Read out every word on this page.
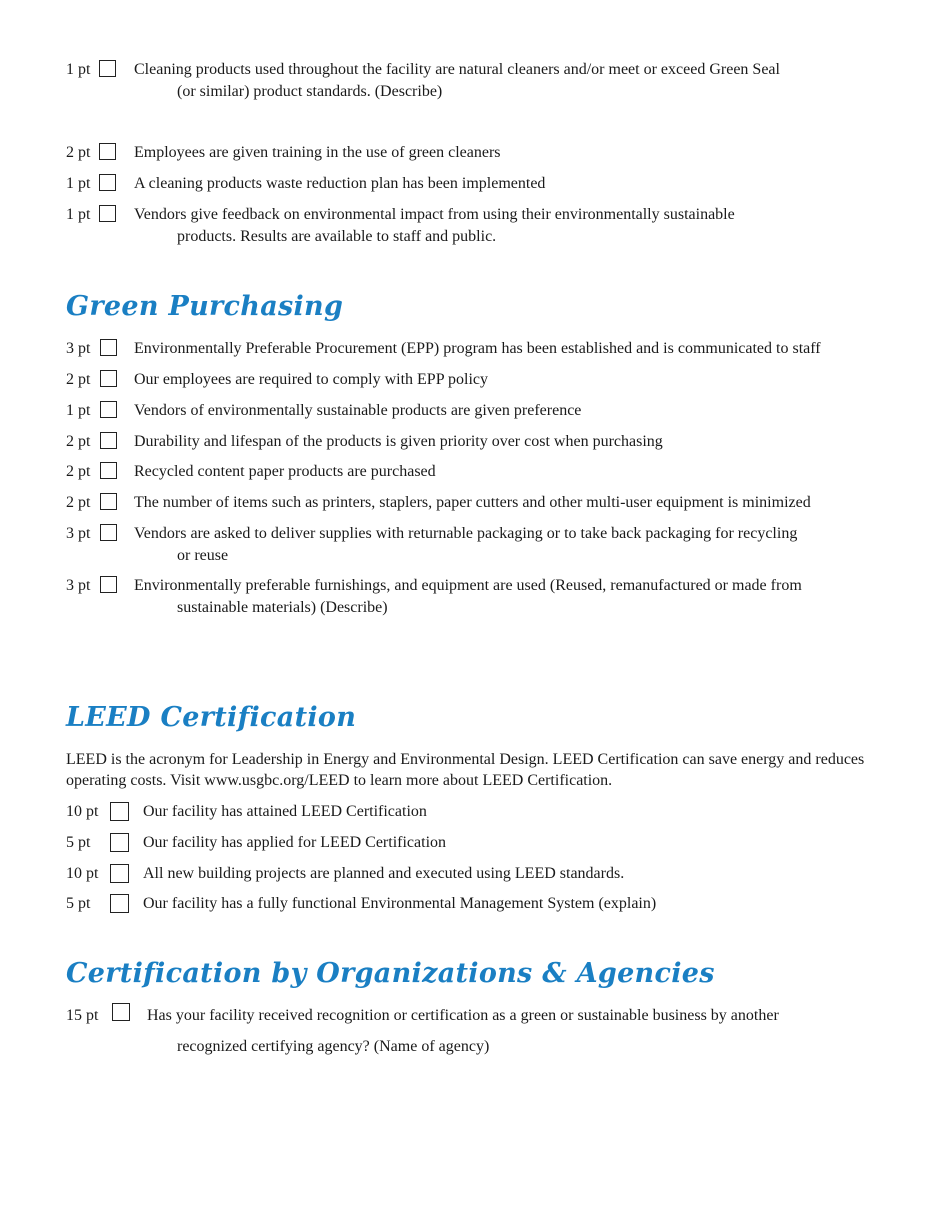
1 pt	Cleaning products used throughout the facility are natural cleaners and/or meet or exceed Green Seal
(or similar) product standards. (Describe)
2 pt	Employees are given training in the use of green cleaners
1 pt	A cleaning products waste reduction plan has been implemented
1 pt	Vendors give feedback on environmental impact from using their environmentally sustainable
products. Results are available to staff and public.
Green Purchasing
3 pt	Environmentally Preferable Procurement (EPP) program has been established and is communicated to staff
2 pt	Our employees are required to comply with EPP policy
1 pt	Vendors of environmentally sustainable products are given preference
2 pt	Durability and lifespan of the products is given priority over cost when purchasing
2 pt	Recycled content paper products are purchased
2 pt	The number of items such as printers, staplers, paper cutters and other multi-user equipment is minimized
3 pt	Vendors are asked to deliver supplies with returnable packaging or to take back packaging for recycling
or reuse
3 pt	Environmentally preferable furnishings, and equipment are used (Reused, remanufactured or made from
sustainable materials) (Describe)
LEED Certification

LEED is the acronym for Leadership in Energy and Environmental Design. LEED Certification can save energy and reduces operating costs. Visit www.usgbc.org/LEED to learn more about LEED Certification.

10 pt	Our facility has attained LEED Certification
5 pt	Our facility has applied for LEED Certification
10 pt	All new building projects are planned and executed using LEED standards.
5 pt	Our facility has a fully functional Environmental Management System (explain)
Certification by Organizations & Agencies
15 pt	Has your facility received recognition or certification as a green or sustainable business by another
recognized certifying agency? (Name of agency)
